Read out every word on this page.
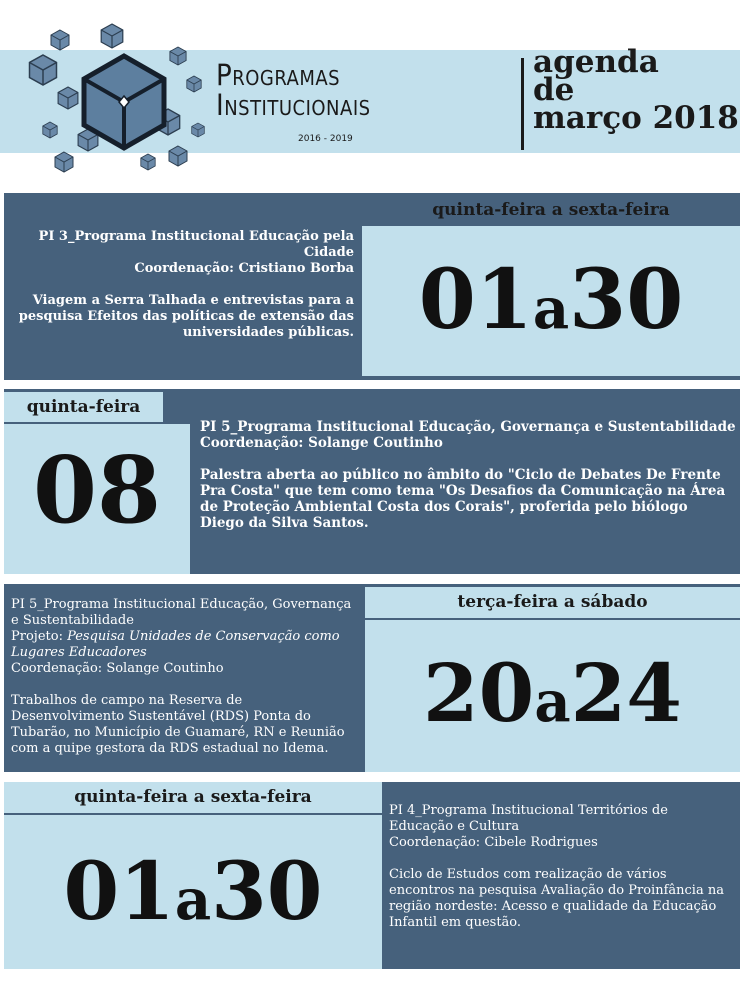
Programas
Institucionais
2016 - 2019
agenda
de
março 2018

PI 3_Programa Institucional Educação pela Cidade

Coordenação: Cristiano Borba

Viagem a Serra Talhada e entrevistas para a pesquisa Efeitos das políticas de extensão das universidades públicas.

quinta-feira a sexta-feira
01a30
quinta-feira
08

PI 5_Programa Institucional Educação, Governança e Sustentabilidade

Coordenação: Solange Coutinho

Palestra aberta ao público no âmbito do "Ciclo de Debates De Frente Pra Costa" que tem como tema "Os Desafios da Comunicação na Área de Proteção Ambiental Costa dos Corais", proferida pelo biólogo Diego da Silva Santos.

PI 5_Programa Institucional Educação, Governança e Sustentabilidade

Projeto: Pesquisa Unidades de Conservação como Lugares Educadores

Coordenação: Solange Coutinho

Trabalhos de campo na Reserva de Desenvolvimento Sustentável (RDS) Ponta do Tubarão, no Município de Guamaré, RN e Reunião com a quipe gestora da RDS estadual no Idema.

terça-feira a sábado
20a24
quinta-feira a sexta-feira
01a30

PI 4_Programa Institucional Territórios de Educação e Cultura

Coordenação: Cibele Rodrigues

Ciclo de Estudos com realização de vários encontros na pesquisa Avaliação do Proinfância na região nordeste: Acesso e qualidade da Educação Infantil em questão.
